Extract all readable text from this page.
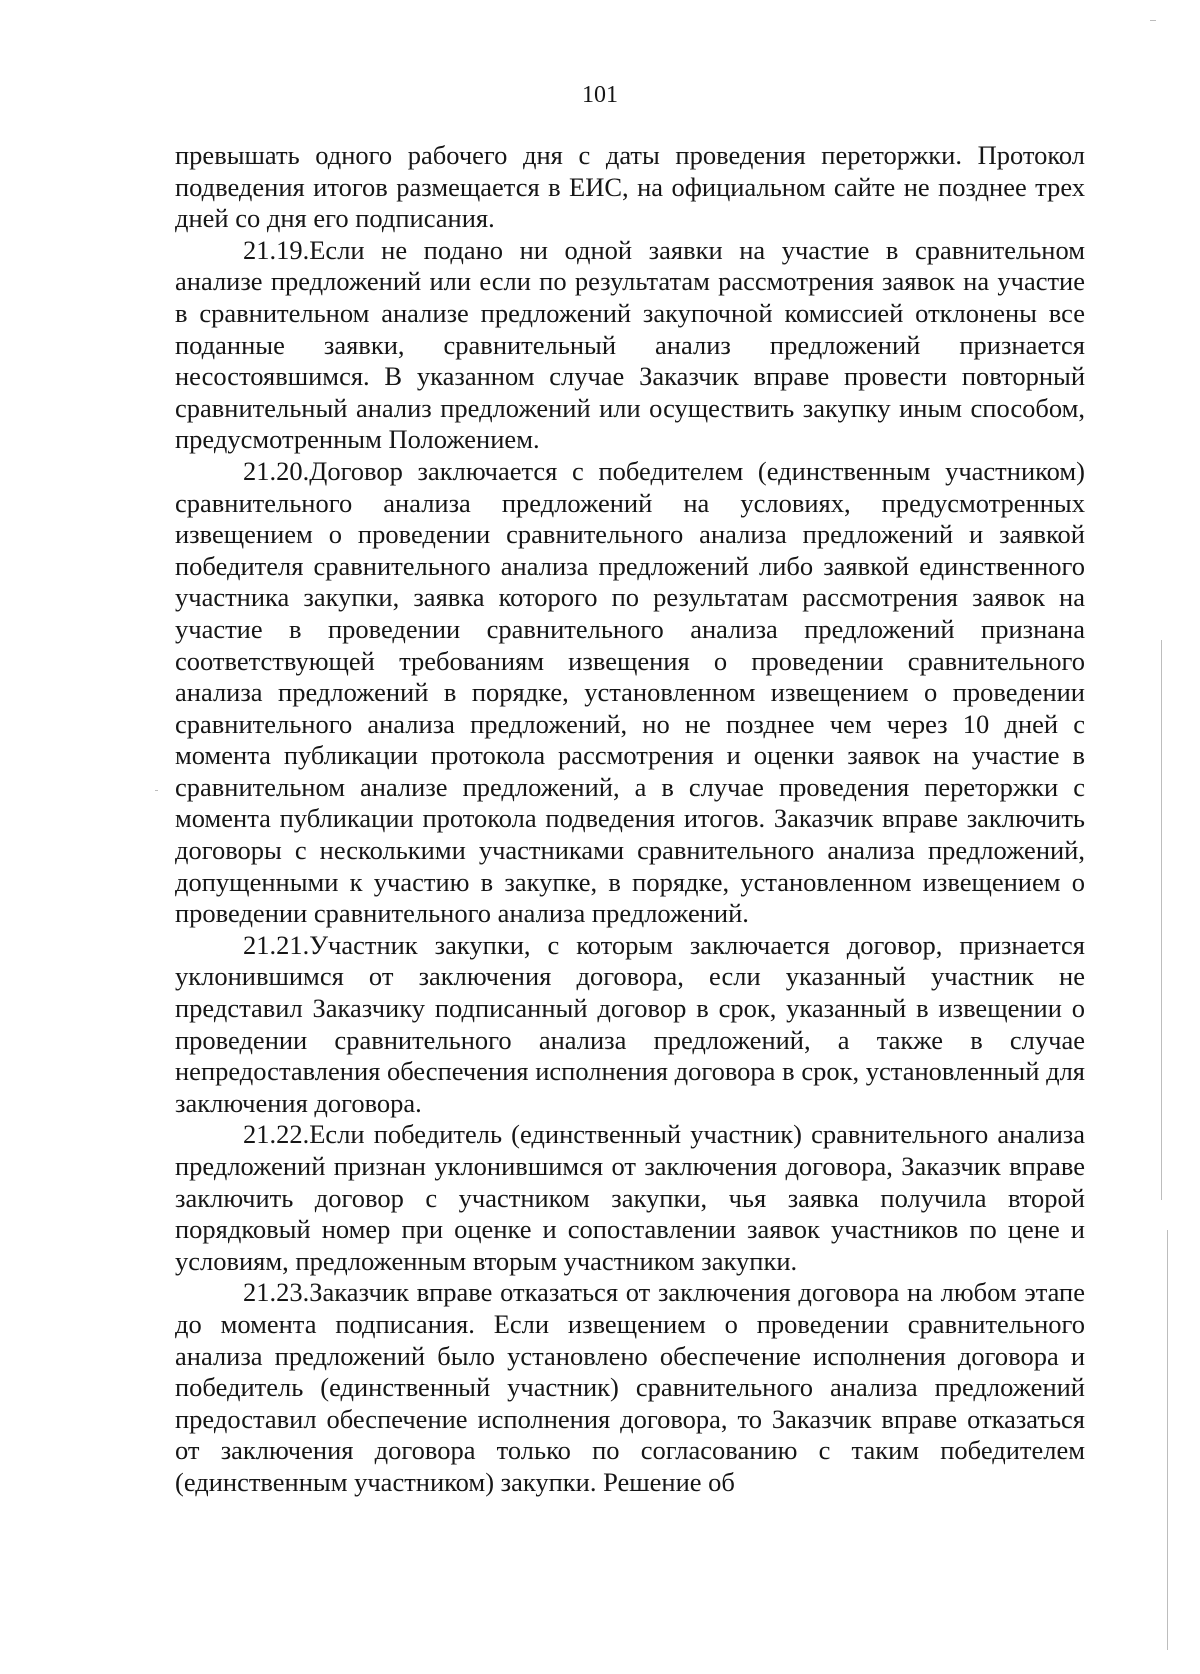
101

превышать одного рабочего дня с даты проведения переторжки. Протокол подведения итогов размещается в ЕИС, на официальном сайте не позднее трех дней со дня его подписания.

21.19.Если не подано ни одной заявки на участие в сравнительном анализе предложений или если по результатам рассмотрения заявок на участие в сравнительном анализе предложений закупочной комиссией отклонены все поданные заявки, сравнительный анализ предложений признается несостоявшимся. В указанном случае Заказчик вправе провести повторный сравнительный анализ предложений или осуществить закупку иным способом, предусмотренным Положением.

21.20.Договор заключается с победителем (единственным участником) сравнительного анализа предложений на условиях, предусмотренных извещением о проведении сравнительного анализа предложений и заявкой победителя сравнительного анализа предложений либо заявкой единственного участника закупки, заявка которого по результатам рассмотрения заявок на участие в проведении сравнительного анализа предложений признана соответствующей требованиям извещения о проведении сравнительного анализа предложений в порядке, установленном извещением о проведении сравнительного анализа предложений, но не позднее чем через 10 дней с момента публикации протокола рассмотрения и оценки заявок на участие в сравнительном анализе предложений, а в случае проведения переторжки с момента публикации протокола подведения итогов. Заказчик вправе заключить договоры с несколькими участниками сравнительного анализа предложений, допущенными к участию в закупке, в порядке, установленном извещением о проведении сравнительного анализа предложений.

21.21.Участник закупки, с которым заключается договор, признается уклонившимся от заключения договора, если указанный участник не представил Заказчику подписанный договор в срок, указанный в извещении о проведении сравнительного анализа предложений, а также в случае непредоставления обеспечения исполнения договора в срок, установленный для заключения договора.

21.22.Если победитель (единственный участник) сравнительного анализа предложений признан уклонившимся от заключения договора, Заказчик вправе заключить договор с участником закупки, чья заявка получила второй порядковый номер при оценке и сопоставлении заявок участников по цене и условиям, предложенным вторым участником закупки.

21.23.Заказчик вправе отказаться от заключения договора на любом этапе до момента подписания. Если извещением о проведении сравнительного анализа предложений было установлено обеспечение исполнения договора и победитель (единственный участник) сравнительного анализа предложений предоставил обеспечение исполнения договора, то Заказчик вправе отказаться от заключения договора только по согласованию с таким победителем (единственным участником) закупки. Решение об
